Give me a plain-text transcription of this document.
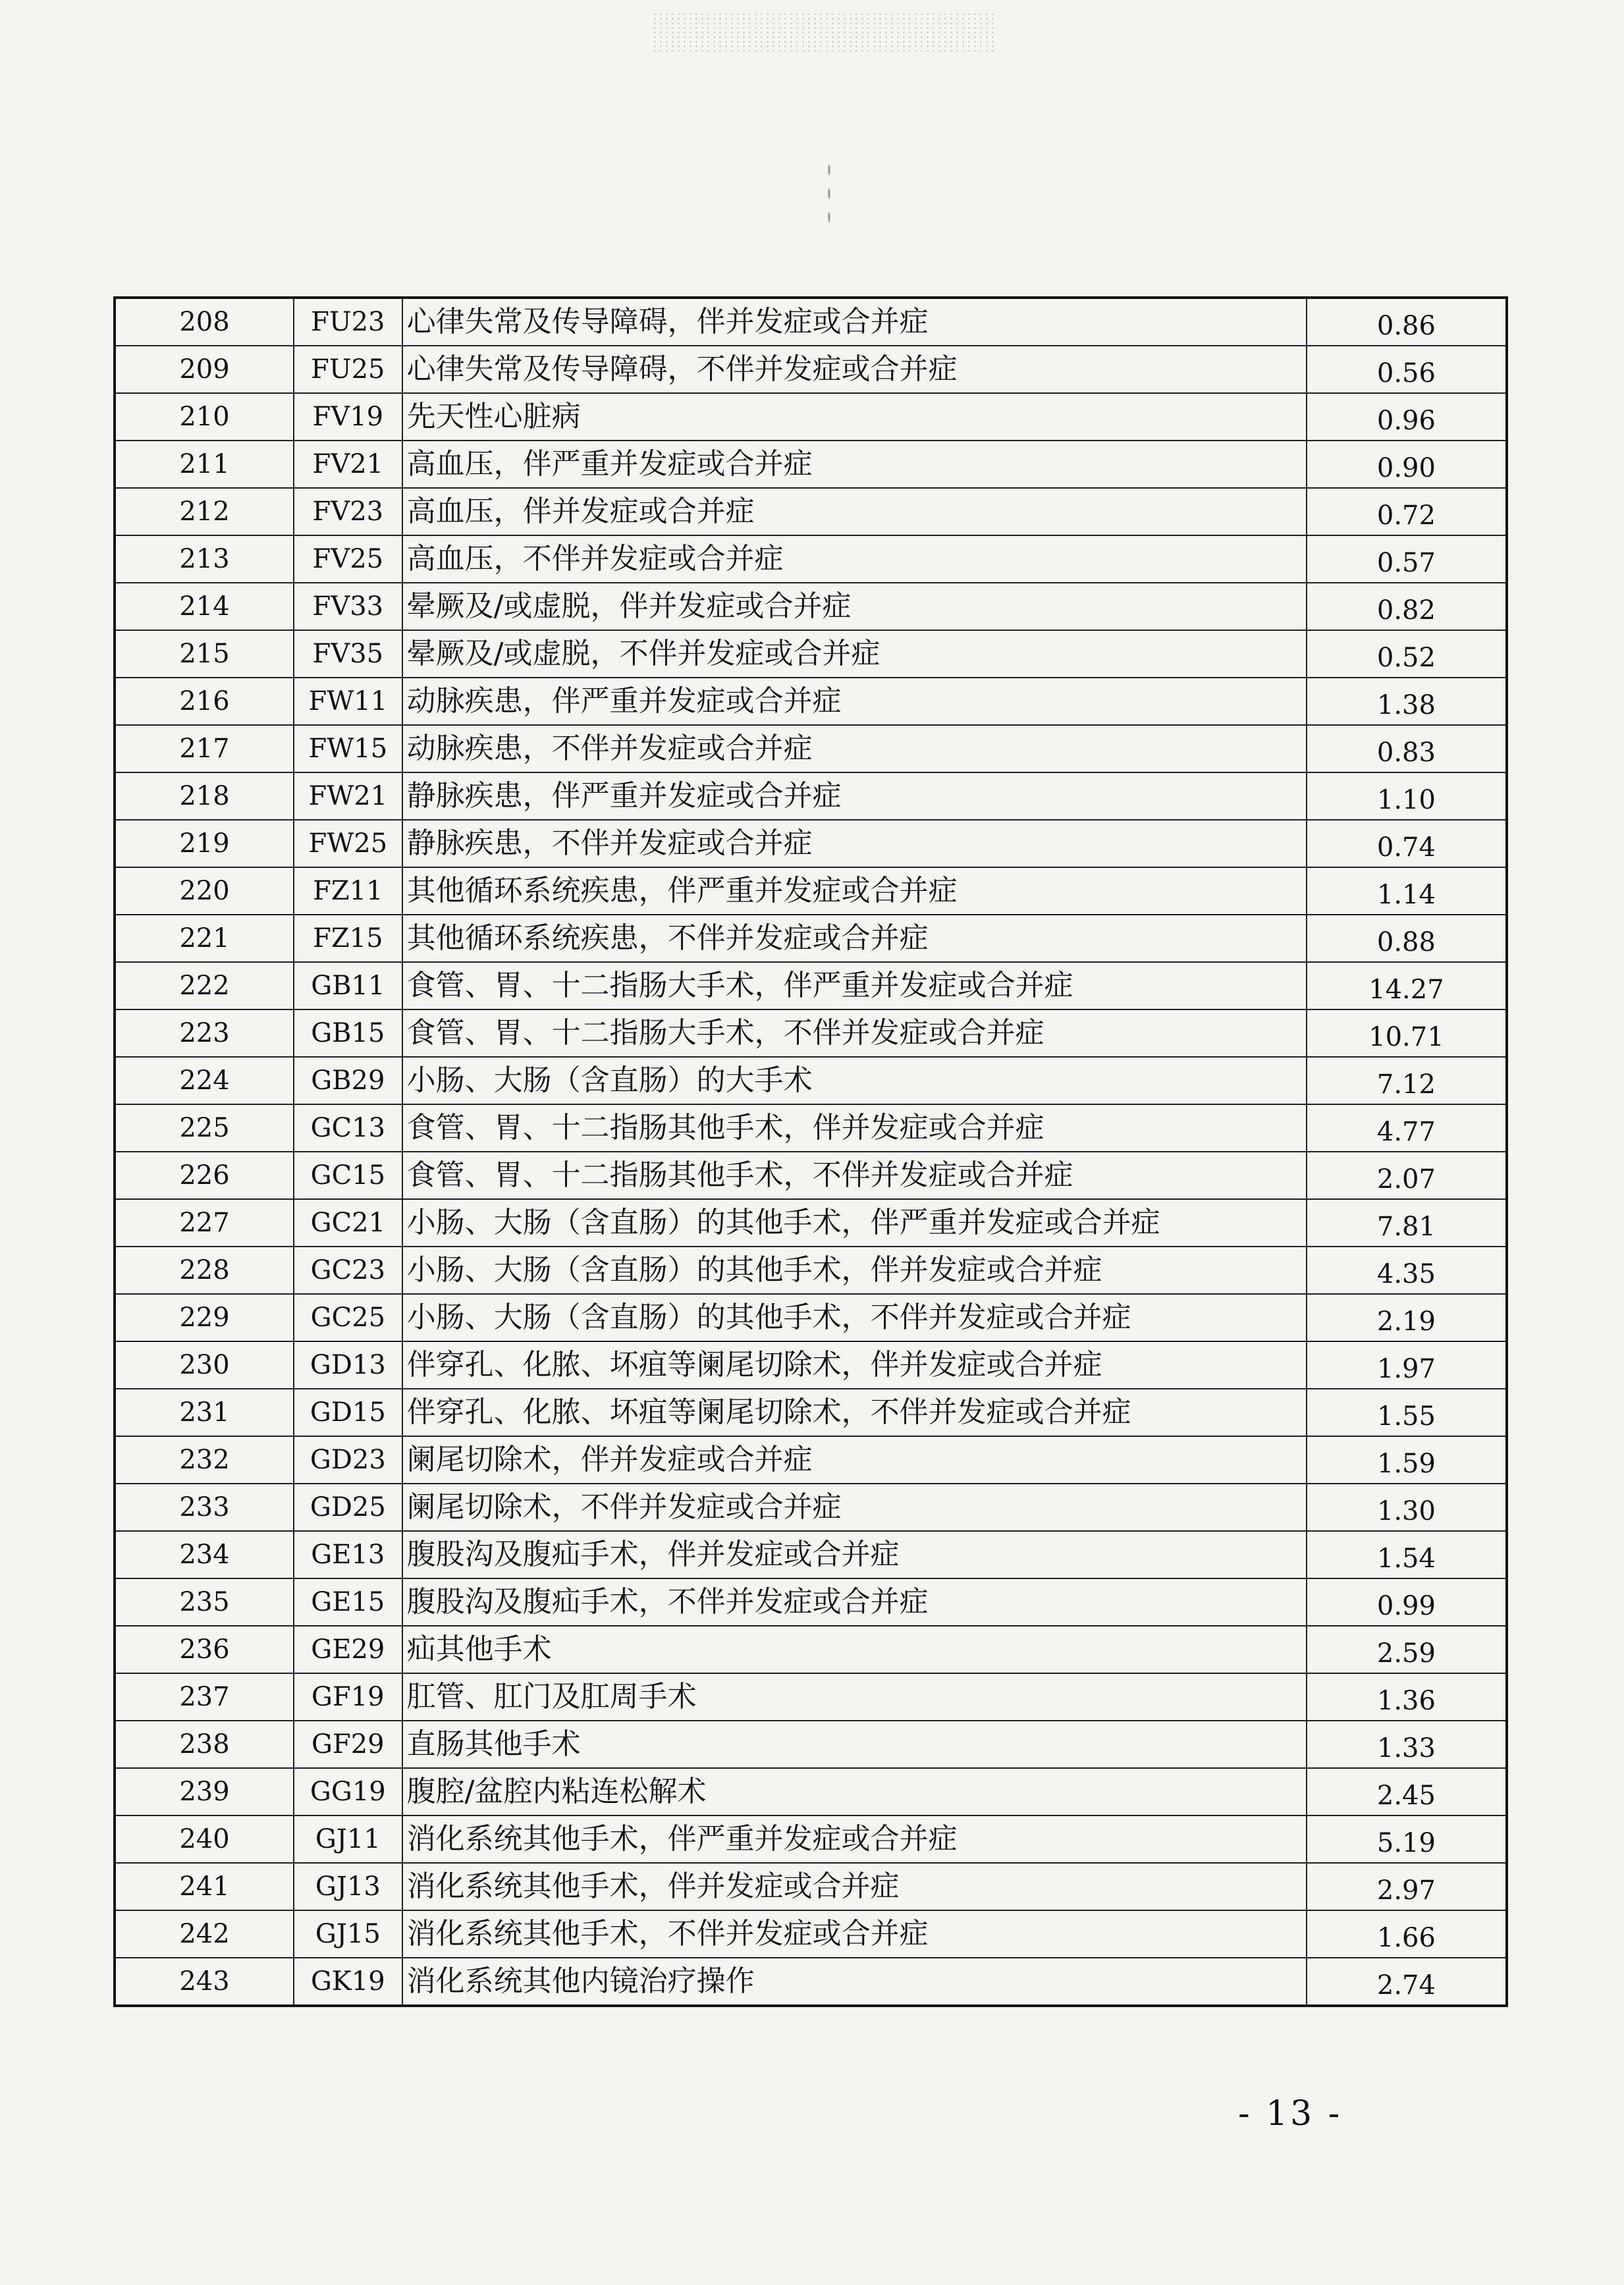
208	FU23	心律失常及传导障碍，伴并发症或合并症	0.86
209	FU25	心律失常及传导障碍，不伴并发症或合并症	0.56
210	FV19	先天性心脏病	0.96
211	FV21	高血压，伴严重并发症或合并症	0.90
212	FV23	高血压，伴并发症或合并症	0.72
213	FV25	高血压，不伴并发症或合并症	0.57
214	FV33	晕厥及/或虚脱，伴并发症或合并症	0.82
215	FV35	晕厥及/或虚脱，不伴并发症或合并症	0.52
216	FW11	动脉疾患，伴严重并发症或合并症	1.38
217	FW15	动脉疾患，不伴并发症或合并症	0.83
218	FW21	静脉疾患，伴严重并发症或合并症	1.10
219	FW25	静脉疾患，不伴并发症或合并症	0.74
220	FZ11	其他循环系统疾患，伴严重并发症或合并症	1.14
221	FZ15	其他循环系统疾患，不伴并发症或合并症	0.88
222	GB11	食管、胃、十二指肠大手术，伴严重并发症或合并症	14.27
223	GB15	食管、胃、十二指肠大手术，不伴并发症或合并症	10.71
224	GB29	小肠、大肠（含直肠）的大手术	7.12
225	GC13	食管、胃、十二指肠其他手术，伴并发症或合并症	4.77
226	GC15	食管、胃、十二指肠其他手术，不伴并发症或合并症	2.07
227	GC21	小肠、大肠（含直肠）的其他手术，伴严重并发症或合并症	7.81
228	GC23	小肠、大肠（含直肠）的其他手术，伴并发症或合并症	4.35
229	GC25	小肠、大肠（含直肠）的其他手术，不伴并发症或合并症	2.19
230	GD13	伴穿孔、化脓、坏疽等阑尾切除术，伴并发症或合并症	1.97
231	GD15	伴穿孔、化脓、坏疽等阑尾切除术，不伴并发症或合并症	1.55
232	GD23	阑尾切除术，伴并发症或合并症	1.59
233	GD25	阑尾切除术，不伴并发症或合并症	1.30
234	GE13	腹股沟及腹疝手术，伴并发症或合并症	1.54
235	GE15	腹股沟及腹疝手术，不伴并发症或合并症	0.99
236	GE29	疝其他手术	2.59
237	GF19	肛管、肛门及肛周手术	1.36
238	GF29	直肠其他手术	1.33
239	GG19	腹腔/盆腔内粘连松解术	2.45
240	GJ11	消化系统其他手术，伴严重并发症或合并症	5.19
241	GJ13	消化系统其他手术，伴并发症或合并症	2.97
242	GJ15	消化系统其他手术，不伴并发症或合并症	1.66
243	GK19	消化系统其他内镜治疗操作	2.74
- 13 -
